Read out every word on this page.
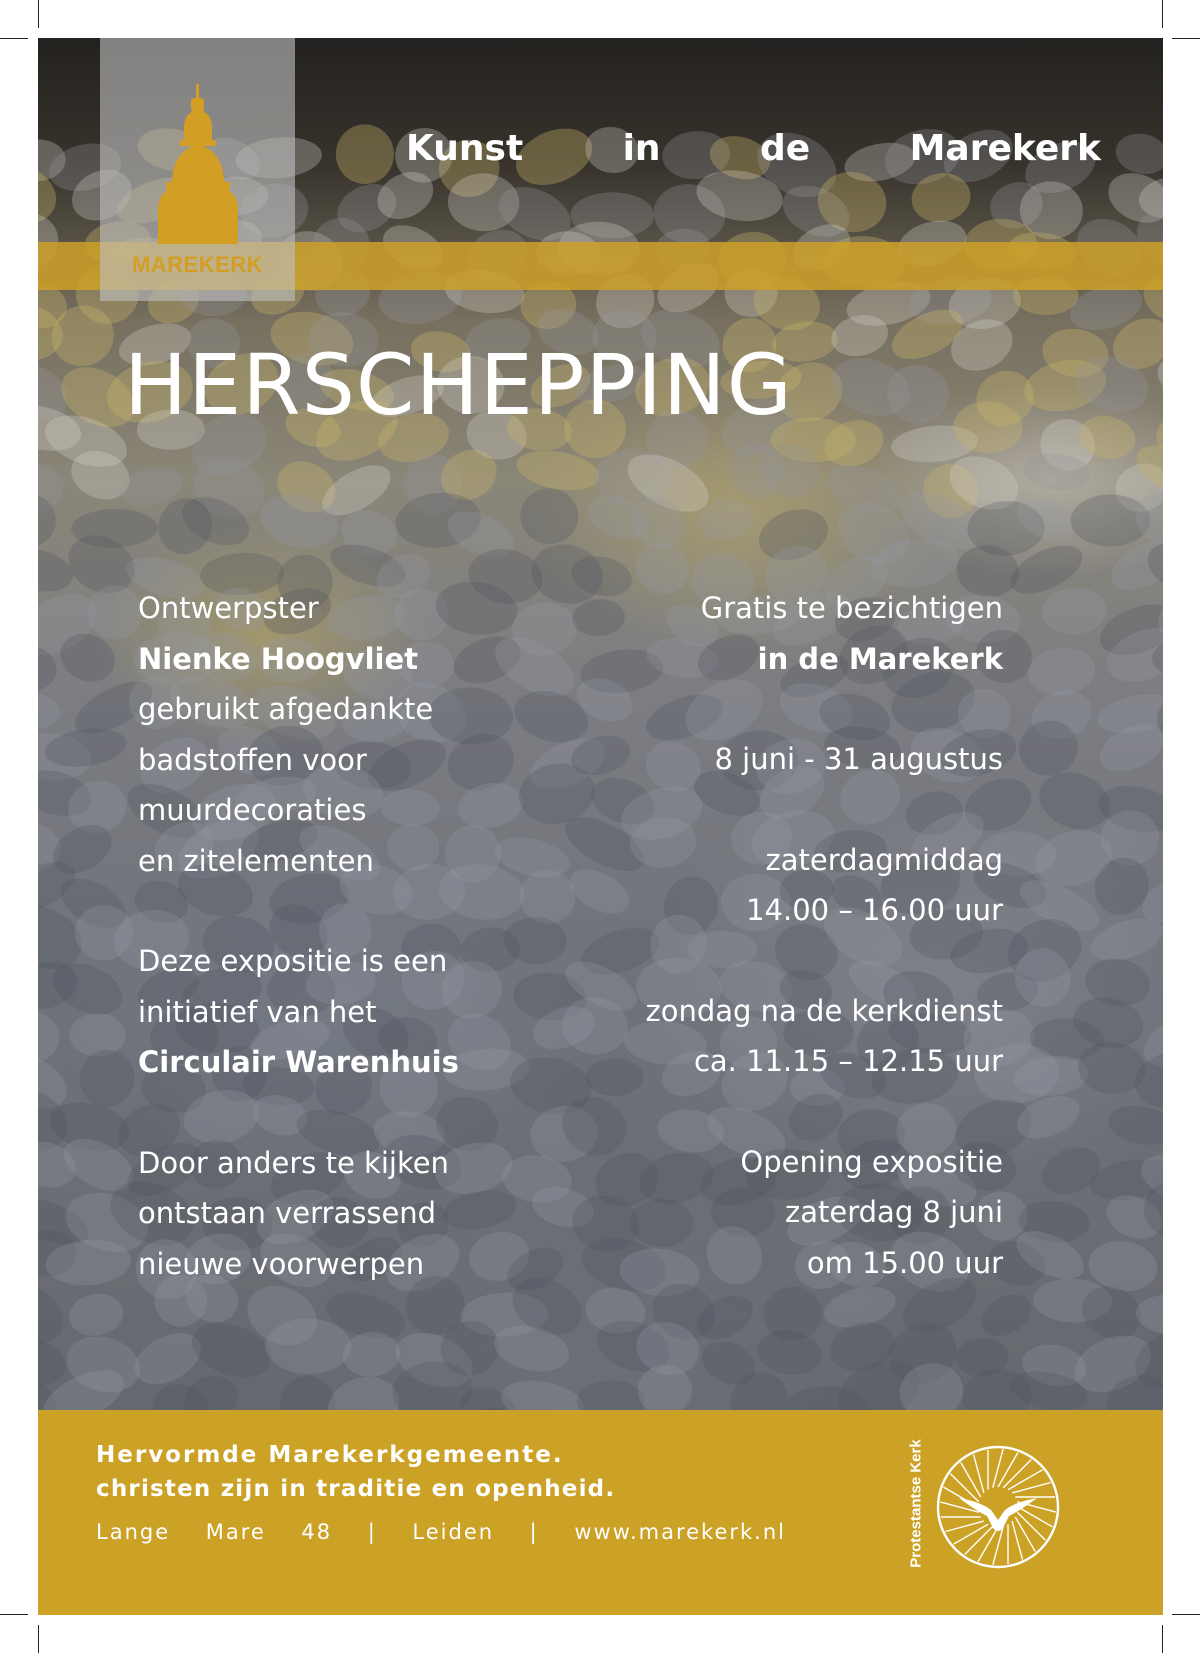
MAREKERK
Kunst	in	de	Marekerk
HERSCHEPPING
Ontwerpster
Nienke Hoogvliet
gebruikt afgedankte
badstoffen voor
muurdecoraties
en zitelementen
Deze expositie is een
initiatief van het
Circulair Warenhuis
Door anders te kijken
ontstaan verrassend
nieuwe voorwerpen
Gratis te bezichtigen
in de Marekerk
8 juni - 31 augustus
zaterdagmiddag
14.00 – 16.00 uur
zondag na de kerkdienst
ca. 11.15 – 12.15 uur
Opening expositie
zaterdag 8 juni
om 15.00 uur
Hervormde Marekerkgemeente.
christen zijn in traditie en openheid.
Lange Mare 48 | Leiden | www.marekerk.nl	Protestantse Kerk
